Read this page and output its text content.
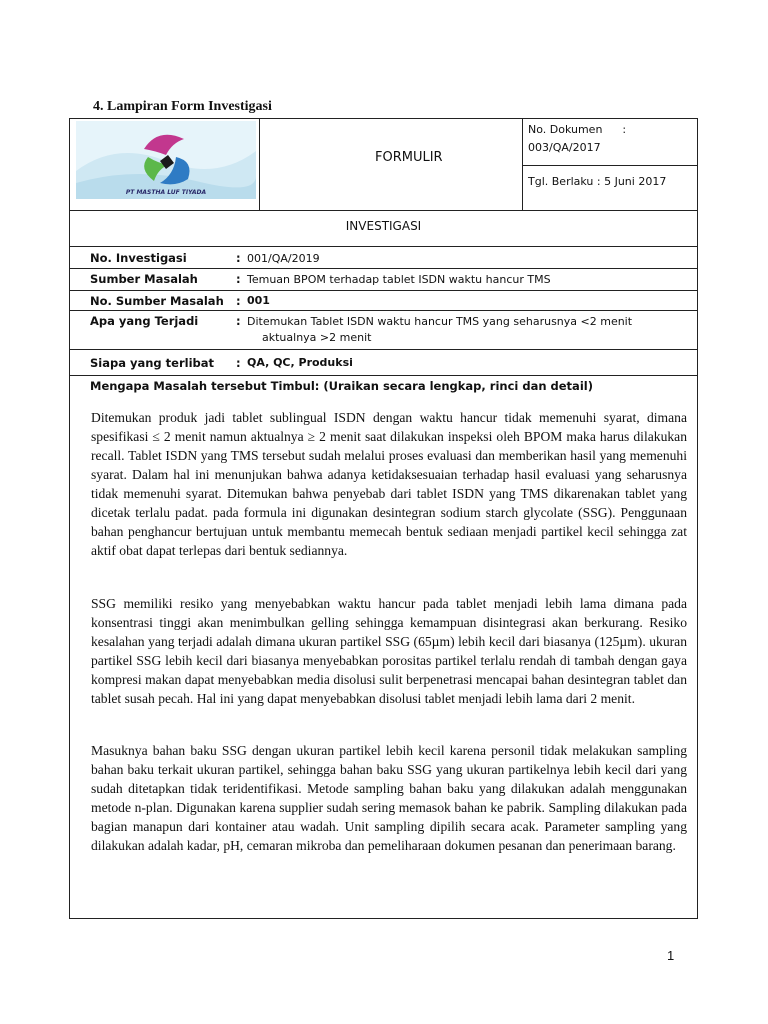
4. Lampiran Form Investigasi
PT MASTHA LUF TIYADA
FORMULIR
No. Dokumen :
003/QA/2017
Tgl. Berlaku : 5 Juni 2017
INVESTIGASI
No. Investigasi	: 001/QA/2019
Sumber Masalah	: Temuan BPOM terhadap tablet ISDN waktu hancur TMS
No. Sumber Masalah : 001
Apa yang Terjadi	: Ditemukan Tablet ISDN waktu hancur TMS yang seharusnya <2 menit
aktualnya >2 menit
Siapa yang terlibat : QA, QC, Produksi
Mengapa Masalah tersebut Timbul: (Uraikan secara lengkap, rinci dan detail)

Ditemukan produk jadi tablet sublingual ISDN dengan waktu hancur tidak memenuhi syarat, dimana spesifikasi ≤ 2 menit namun aktualnya ≥ 2 menit saat dilakukan inspeksi oleh BPOM maka harus dilakukan recall. Tablet ISDN yang TMS tersebut sudah melalui proses evaluasi dan memberikan hasil yang memenuhi syarat. Dalam hal ini menunjukan bahwa adanya ketidaksesuaian terhadap hasil evaluasi yang seharusnya tidak memenuhi syarat. Ditemukan bahwa penyebab dari tablet ISDN yang TMS dikarenakan tablet yang dicetak terlalu padat. pada formula ini digunakan desintegran sodium starch glycolate (SSG). Penggunaan bahan penghancur bertujuan untuk membantu memecah bentuk sediaan menjadi partikel kecil sehingga zat aktif obat dapat terlepas dari bentuk sediannya.

SSG memiliki resiko yang menyebabkan waktu hancur pada tablet menjadi lebih lama dimana pada konsentrasi tinggi akan menimbulkan gelling sehingga kemampuan disintegrasi akan berkurang. Resiko kesalahan yang terjadi adalah dimana ukuran partikel SSG (65µm) lebih kecil dari biasanya (125µm). ukuran partikel SSG lebih kecil dari biasanya menyebabkan porositas partikel terlalu rendah di tambah dengan gaya kompresi makan dapat menyebabkan media disolusi sulit berpenetrasi mencapai bahan desintegran tablet dan tablet susah pecah. Hal ini yang dapat menyebabkan disolusi tablet menjadi lebih lama dari 2 menit.

Masuknya bahan baku SSG dengan ukuran partikel lebih kecil karena personil tidak melakukan sampling bahan baku terkait ukuran partikel, sehingga bahan baku SSG yang ukuran partikelnya lebih kecil dari yang sudah ditetapkan tidak teridentifikasi. Metode sampling bahan baku yang dilakukan adalah menggunakan metode n-plan. Digunakan karena supplier sudah sering memasok bahan ke pabrik. Sampling dilakukan pada bagian manapun dari kontainer atau wadah. Unit sampling dipilih secara acak. Parameter sampling yang dilakukan adalah kadar, pH, cemaran mikroba dan pemeliharaan dokumen pesanan dan penerimaan barang.

1
